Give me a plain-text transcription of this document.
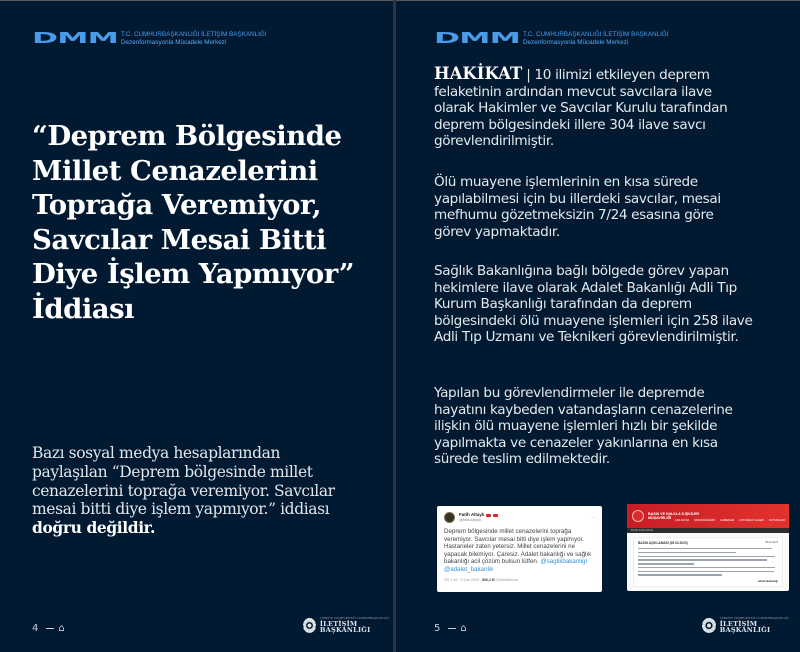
DMM T.C. CUMHURBAŞKANLIĞI İLETİŞİM BAŞKANLIĞI
Dezenformasyonla Mücadele Merkezi
“Deprem Bölgesinde Millet Cenazelerini Toprağa Veremiyor, Savcılar Mesai Bitti Diye İşlem Yapmıyor” İddiası

Bazı sosyal medya hesaplarından paylaşılan “Deprem bölgesinde millet cenazelerini toprağa veremiyor. Savcılar mesai bitti diye işlem yapmıyor.” iddiası doğru değildir.

4 ⌂
TÜRKİYE CUMHURİYETİ CUMHURBAŞKANLIĞI
İLETİŞİM BAŞKANLIĞI
DMM T.C. CUMHURBAŞKANLIĞI İLETİŞİM BAŞKANLIĞI
Dezenformasyonla Mücadele Merkezi

HAKİKAT | 10 ilimizi etkileyen deprem felaketinin ardından mevcut savcılara ilave olarak Hakimler ve Savcılar Kurulu tarafından deprem bölgesindeki illere 304 ilave savcı görevlendirilmiştir.

Ölü muayene işlemlerinin en kısa sürede yapılabilmesi için bu illerdeki savcılar, mesai mefhumu gözetmeksizin 7/24 esasına göre görev yapmaktadır.

Sağlık Bakanlığına bağlı bölgede görev yapan hekimlere ilave olarak Adalet Bakanlığı Adli Tıp Kurum Başkanlığı tarafından da deprem bölgesindeki ölü muayene işlemleri için 258 ilave Adli Tıp Uzmanı ve Teknikeri görevlendirilmiştir.

Yapılan bu görevlendirmeler ile depremde hayatını kaybeden vatandaşların cenazelerine ilişkin ölü muayene işlemleri hızlı bir şekilde yapılmakta ve cenazeler yakınlarına en kısa sürede teslim edilmektedir.

Fatih Altaylı
@fatihaltayli	···
Deprem bölgesinde millet cenazelerini toprağa veremiyor. Savcılar mesai bitti diye işlem yapmıyor. Hastaneler zaten yetersiz. Millet cenazelerini ne yapacak bilemiyor. Çaresiz. Adalet bakanlığı ve sağlık bakanlığı acil çözüm bulsun lütfen. @saglikbakanligi
@adalet_bakanlik
ÖS 7:49 · 9 Şub 2023 · 566,2 B Görüntülenme
BASIN VE HALKLA İLİŞKİLER
MÜŞAVİRLİĞİ
ANA SAYFA MÜŞAVİRLİĞİMİZ HABERLER FOTOĞRAF GALERİ DUYURULAR
BASIN AÇIKLAMASI
BASIN AÇIKLAMASI (09.02.2023)	09.02.2023
Adalet Bakanlığı
5 ⌂
TÜRKİYE CUMHURİYETİ CUMHURBAŞKANLIĞI
İLETİŞİM BAŞKANLIĞI
